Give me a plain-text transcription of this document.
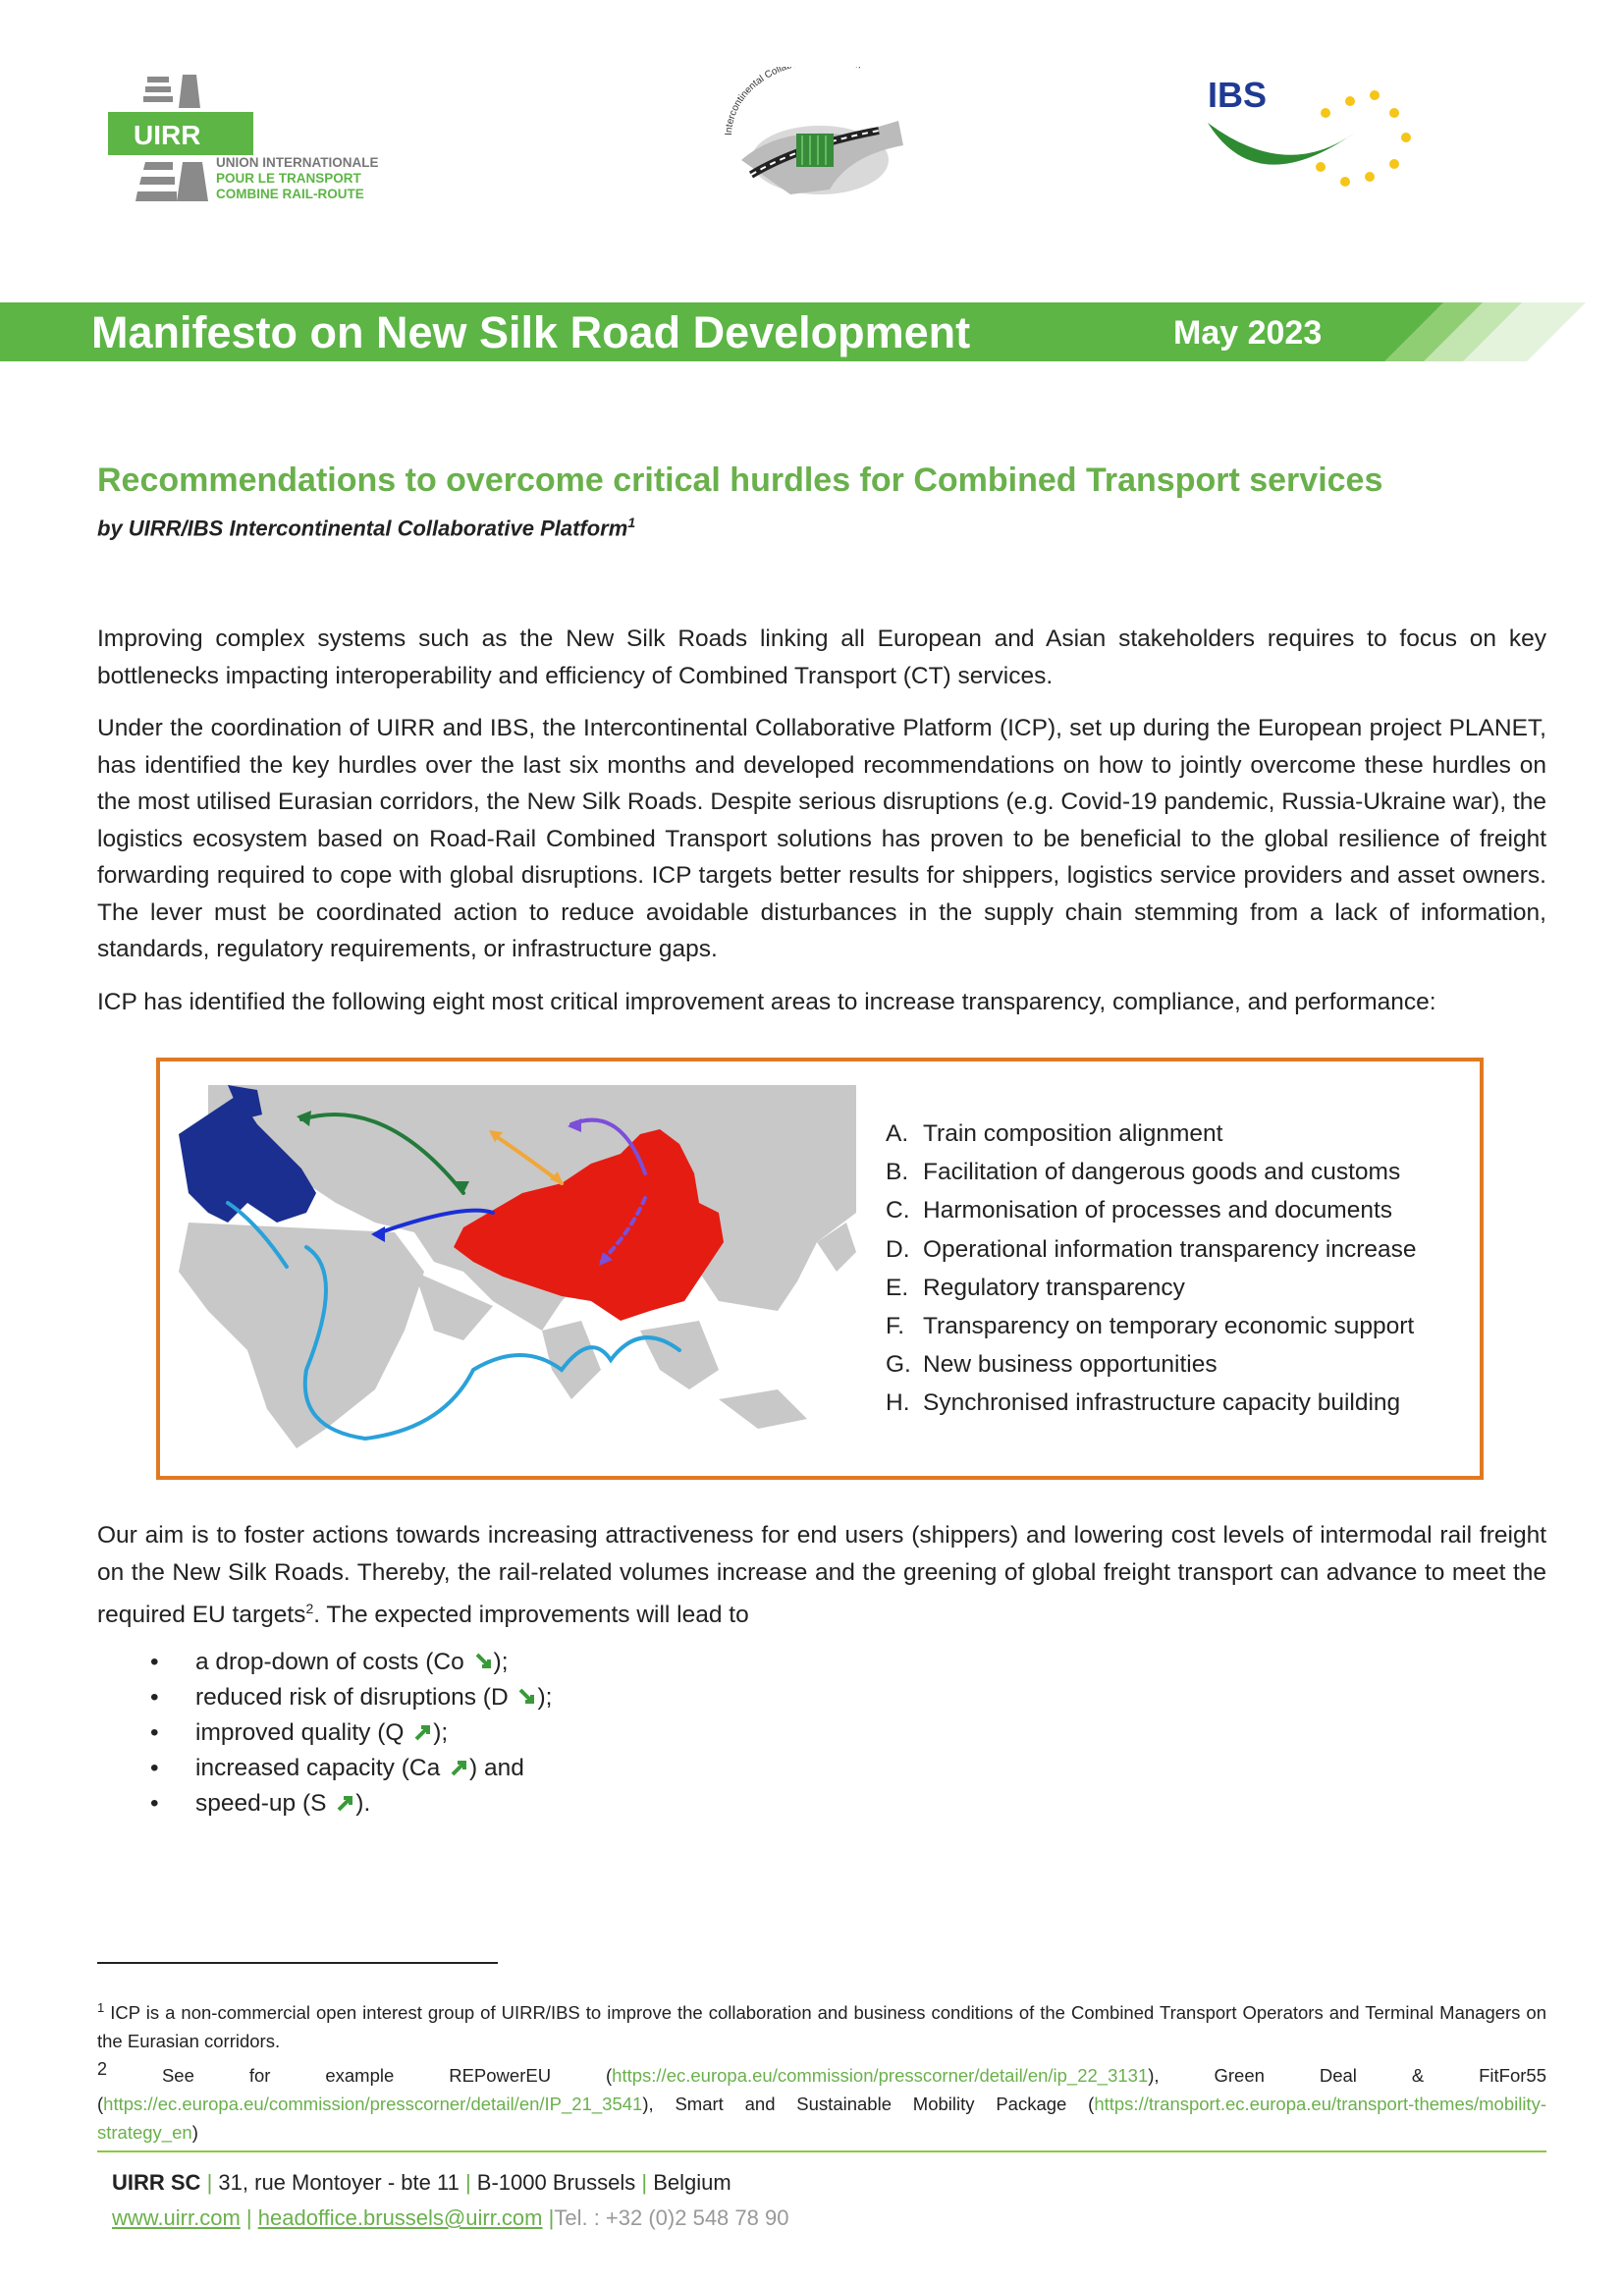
UIRR
UNION INTERNATIONALE
POUR LE TRANSPORT
COMBINE RAIL-ROUTE
Intercontinental Colla
IBS
Manifesto on New Silk Road Development	May 2023
Recommendations to overcome critical hurdles for Combined Transport services
by UIRR/IBS Intercontinental Collaborative Platform$^1$

Improving complex systems such as the New Silk Roads linking all European and Asian stakeholders requires to focus on key bottlenecks impacting interoperability and efficiency of Combined Transport (CT) services.

Under the coordination of UIRR and IBS, the Intercontinental Collaborative Platform (ICP), set up during the European project PLANET, has identified the key hurdles over the last six months and developed recommendations on how to jointly overcome these hurdles on the most utilised Eurasian corridors, the New Silk Roads. Despite serious disruptions (e.g. Covid-19 pandemic, Russia-Ukraine war), the logistics ecosystem based on Road-Rail Combined Transport solutions has proven to be beneficial to the global resilience of freight forwarding required to cope with global disruptions. ICP targets better results for shippers, logistics service providers and asset owners. The lever must be coordinated action to reduce avoidable disturbances in the supply chain stemming from a lack of information, standards, regulatory requirements, or infrastructure gaps.

ICP has identified the following eight most critical improvement areas to increase transparency, compliance, and performance:

A. Train composition alignment
B. Facilitation of dangerous goods and customs
C. Harmonisation of processes and documents
D. Operational information transparency increase
E. Regulatory transparency
F. Transparency on temporary economic support
G. New business opportunities
H. Synchronised infrastructure capacity building

Our aim is to foster actions towards increasing attractiveness for end users (shippers) and lowering cost levels of intermodal rail freight on the New Silk Roads. Thereby, the rail-related volumes increase and the greening of global freight transport can advance to meet the required EU targets$^2$. The expected improvements will lead to

• a drop-down of costs (Co );
• reduced risk of disruptions (D );
• improved quality (Q );
• increased capacity (Ca ) and
• speed-up (S ).

$^1$ ICP is a non-commercial open interest group of UIRR/IBS to improve the collaboration and business conditions of the Combined Transport Operators and Terminal Managers on the Eurasian corridors.

$^2$	See for example REPowerEU (https://ec.europa.eu/commission/presscorner/detail/en/ip_22_3131), Green Deal & FitFor55 (https://ec.europa.eu/commission/presscorner/detail/en/IP_21_3541), Smart and Sustainable Mobility Package (https://transport.ec.europa.eu/transport-themes/mobility-strategy_en)

UIRR SC | 31, rue Montoyer - bte 11 | B-1000 Brussels | Belgium
www.uirr.com | headoffice.brussels@uirr.com |Tel. : +32 (0)2 548 78 90
